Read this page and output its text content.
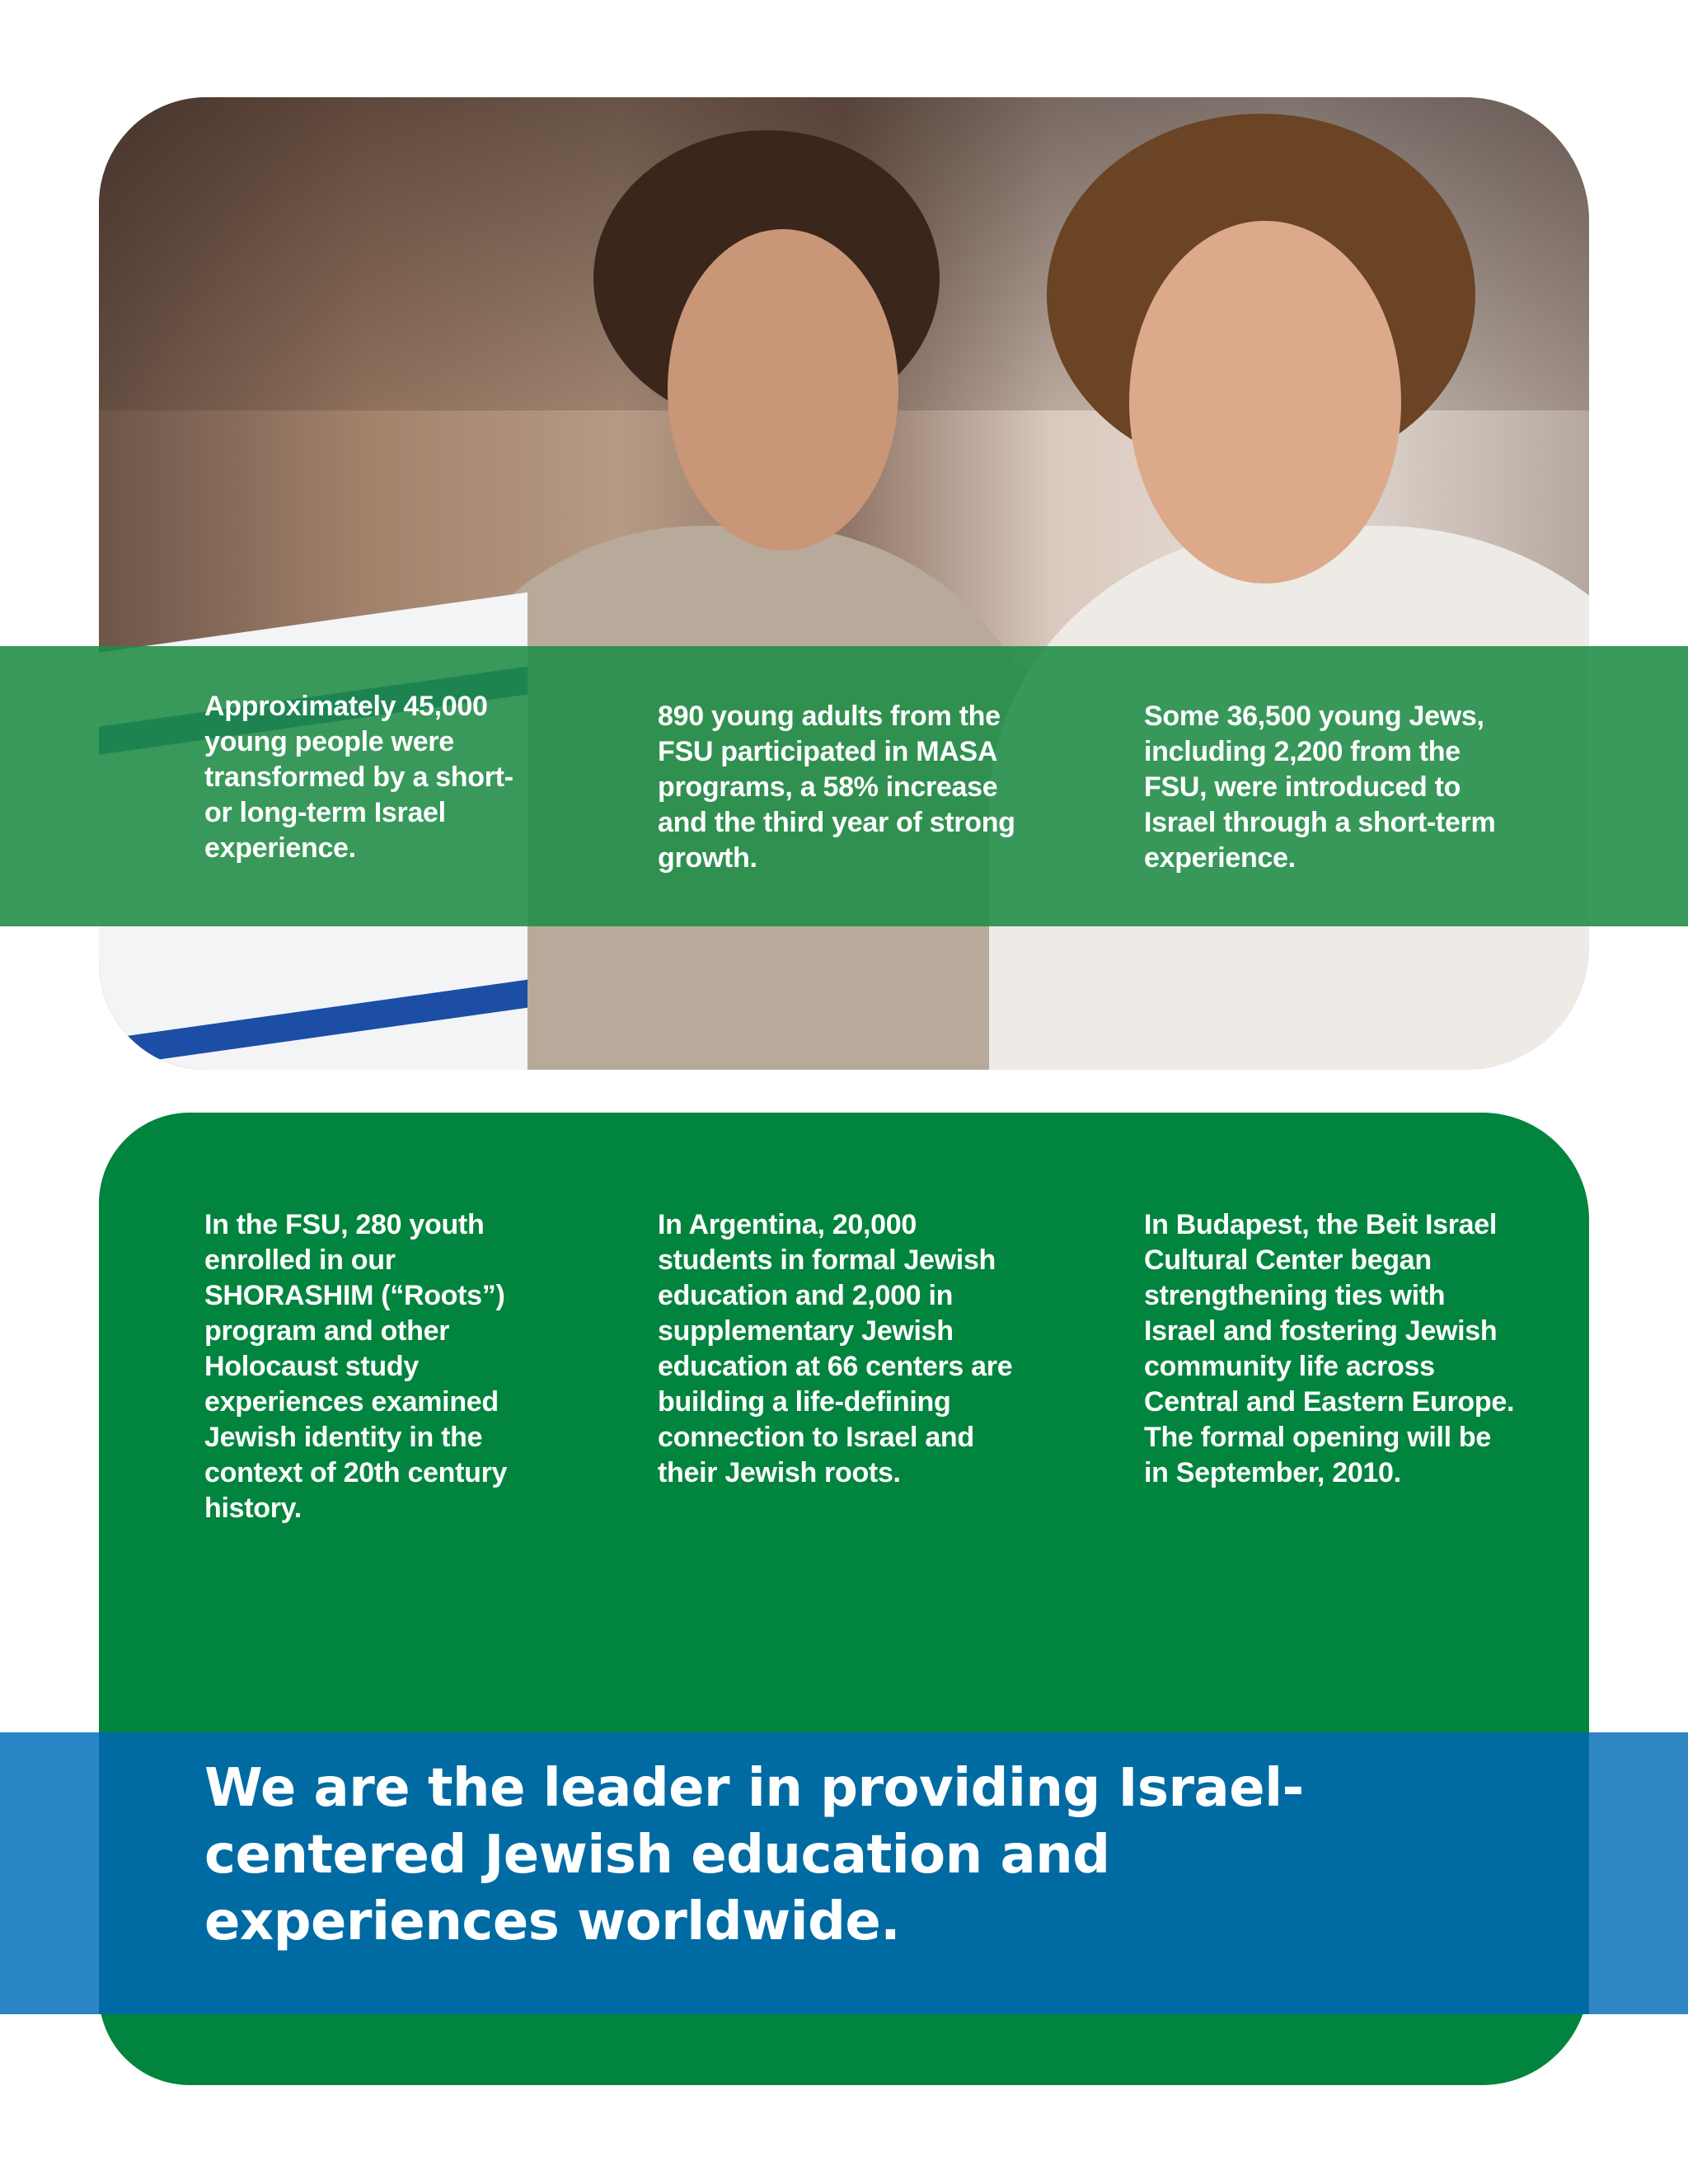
Approximately 45,000 young people were transformed by a short- or long-term Israel experience.

890 young adults from the FSU participated in MASA programs, a 58% increase and the third year of strong growth.

Some 36,500 young Jews, including 2,200 from the FSU, were introduced to Israel through a short-term experience.

In the FSU, 280 youth enrolled in our SHORASHIM (“Roots”) program and other Holocaust study experiences examined Jewish identity in the context of 20th century history.

In Argentina, 20,000 students in formal Jewish education and 2,000 in supplementary Jewish education at 66 centers are building a life-defining connection to Israel and their Jewish roots.

In Budapest, the Beit Israel Cultural Center began strengthening ties with Israel and fostering Jewish community life across Central and Eastern Europe. The formal opening will be in September, 2010.

We are the leader in providing Israel-centered Jewish education and experiences worldwide.
